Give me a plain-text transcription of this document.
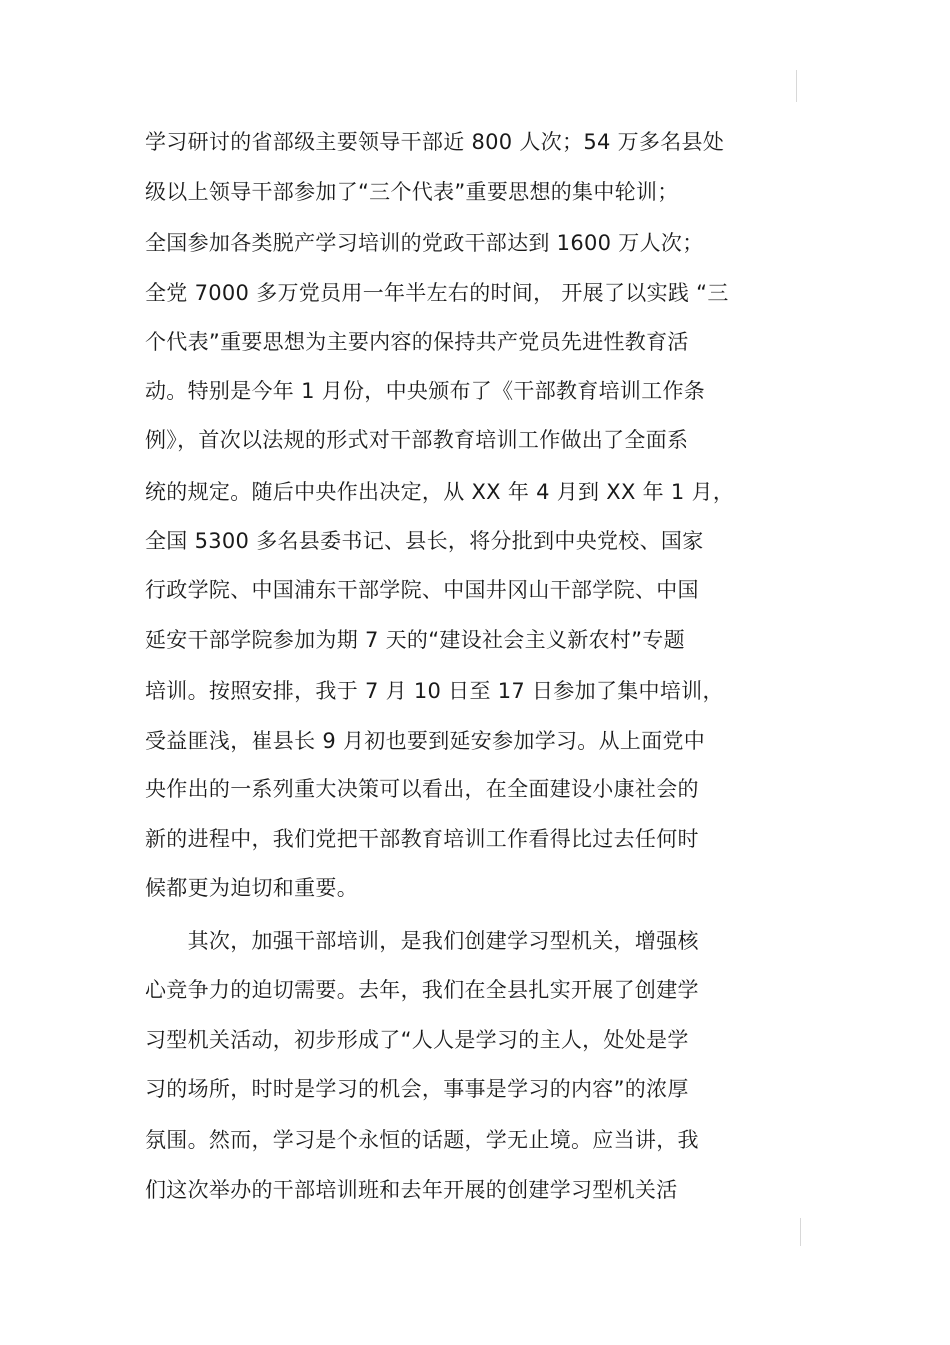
学习研讨的省部级主要领导干部近 800 人次；54 万多名县处
级以上领导干部参加了“三个代表”重要思想的集中轮训；
全国参加各类脱产学习培训的党政干部达到 1600 万人次；
全党 7000 多万党员用一年半左右的时间， 开展了以实践 “三
个代表”重要思想为主要内容的保持共产党员先进性教育活
动。特别是今年 1 月份，中央颁布了《干部教育培训工作条
例》，首次以法规的形式对干部教育培训工作做出了全面系
统的规定。随后中央作出决定，从 XX 年 4 月到 XX 年 1 月，
全国 5300 多名县委书记、县长，将分批到中央党校、国家
行政学院、中国浦东干部学院、中国井冈山干部学院、中国
延安干部学院参加为期 7 天的“建设社会主义新农村”专题
培训。按照安排，我于 7 月 10 日至 17 日参加了集中培训，
受益匪浅，崔县长 9 月初也要到延安参加学习。从上面党中
央作出的一系列重大决策可以看出，在全面建设小康社会的
新的进程中，我们党把干部教育培训工作看得比过去任何时
候都更为迫切和重要。
　　其次，加强干部培训，是我们创建学习型机关，增强核
心竞争力的迫切需要。去年，我们在全县扎实开展了创建学
习型机关活动，初步形成了“人人是学习的主人，处处是学
习的场所，时时是学习的机会，事事是学习的内容”的浓厚
氛围。然而，学习是个永恒的话题，学无止境。应当讲，我
们这次举办的干部培训班和去年开展的创建学习型机关活
